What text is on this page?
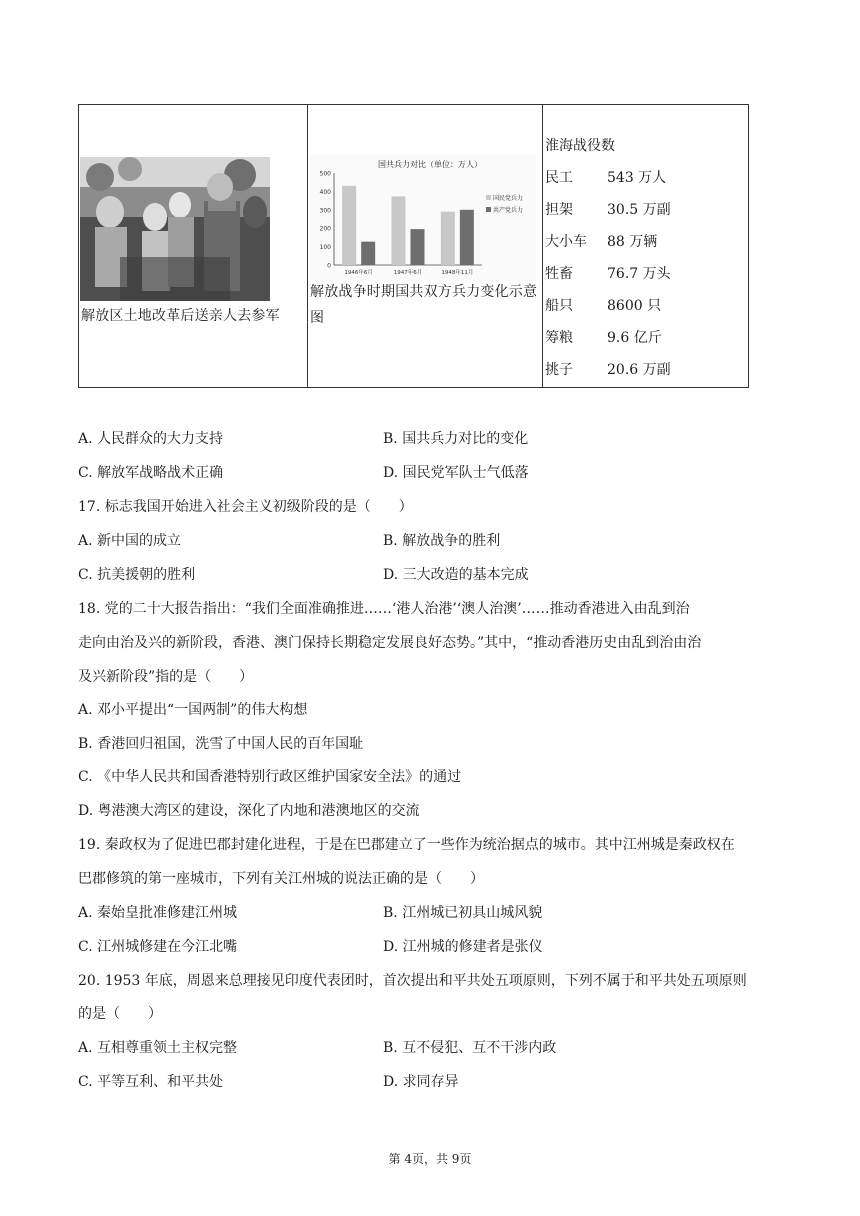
解放区土地改革后送亲人去参军
国共兵力对比（单位：万人）
0
100
200
300
400
500
1946年6月	1947年6月	1948年11月
国民党兵力
共产党兵力
解放战争时期国共双方兵力变化示意图
淮海战役数
民工 543 万人
担架 30.5 万副
大小车 88 万辆
牲畜 76.7 万头
船只 8600 只
筹粮 9.6 亿斤
挑子 20.6 万副
A. 人民群众的大力支持	B. 国共兵力对比的变化
C. 解放军战略战术正确	D. 国民党军队士气低落
17. 标志我国开始进入社会主义初级阶段的是（　　）
A. 新中国的成立	B. 解放战争的胜利
C. 抗美援朝的胜利	D. 三大改造的基本完成
18. 党的二十大报告指出：“我们全面准确推进……‘港人治港’‘澳人治澳’……推动香港进入由乱到治
走向由治及兴的新阶段，香港、澳门保持长期稳定发展良好态势。”其中，“推动香港历史由乱到治由治
及兴新阶段”指的是（　　）
A. 邓小平提出“一国两制”的伟大构想
B. 香港回归祖国，洗雪了中国人民的百年国耻
C. 《中华人民共和国香港特别行政区维护国家安全法》的通过
D. 粤港澳大湾区的建设，深化了内地和港澳地区的交流
19. 秦政权为了促进巴郡封建化进程，于是在巴郡建立了一些作为统治据点的城市。其中江州城是秦政权在
巴郡修筑的第一座城市，下列有关江州城的说法正确的是（　　）
A. 秦始皇批准修建江州城	B. 江州城已初具山城风貌
C. 江州城修建在今江北嘴	D. 江州城的修建者是张仪
20. 1953 年底，周恩来总理接见印度代表团时，首次提出和平共处五项原则，下列不属于和平共处五项原则
的是（　　）
A. 互相尊重领土主权完整	B. 互不侵犯、互不干涉内政
C. 平等互利、和平共处	D. 求同存异
第 4页，共 9页
